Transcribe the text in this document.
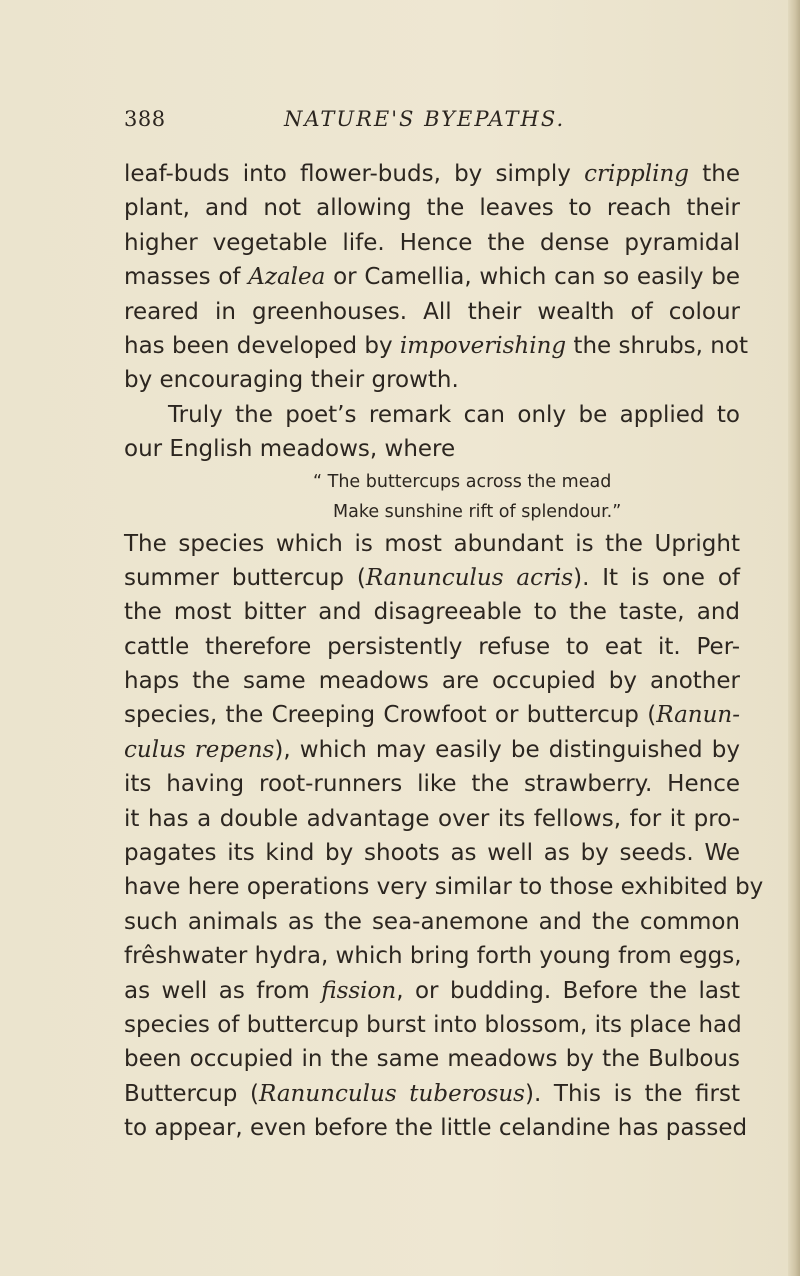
388	NATURE'S BYEPATHS.
leaf-buds into flower-buds, by simply crippling the
plant, and not allowing the leaves to reach their
higher vegetable life. Hence the dense pyramidal
masses of Azalea or Camellia, which can so easily be
reared in greenhouses. All their wealth of colour
has been developed by impoverishing the shrubs, not
by encouraging their growth.
Truly the poet’s remark can only be applied to
our English meadows, where
“ The buttercups across the mead
Make sunshine rift of splendour.”
The species which is most abundant is the Upright
summer buttercup (Ranunculus acris). It is one of
the most bitter and disagreeable to the taste, and
cattle therefore persistently refuse to eat it. Per-
haps the same meadows are occupied by another
species, the Creeping Crowfoot or buttercup (Ranun-
culus repens), which may easily be distinguished by
its having root-runners like the strawberry. Hence
it has a double advantage over its fellows, for it pro-
pagates its kind by shoots as well as by seeds. We
have here operations very similar to those exhibited by
such animals as the sea-anemone and the common
frêshwater hydra, which bring forth young from eggs,
as well as from fission, or budding. Before the last
species of buttercup burst into blossom, its place had
been occupied in the same meadows by the Bulbous
Buttercup (Ranunculus tuberosus). This is the first
to appear, even before the little celandine has passed
